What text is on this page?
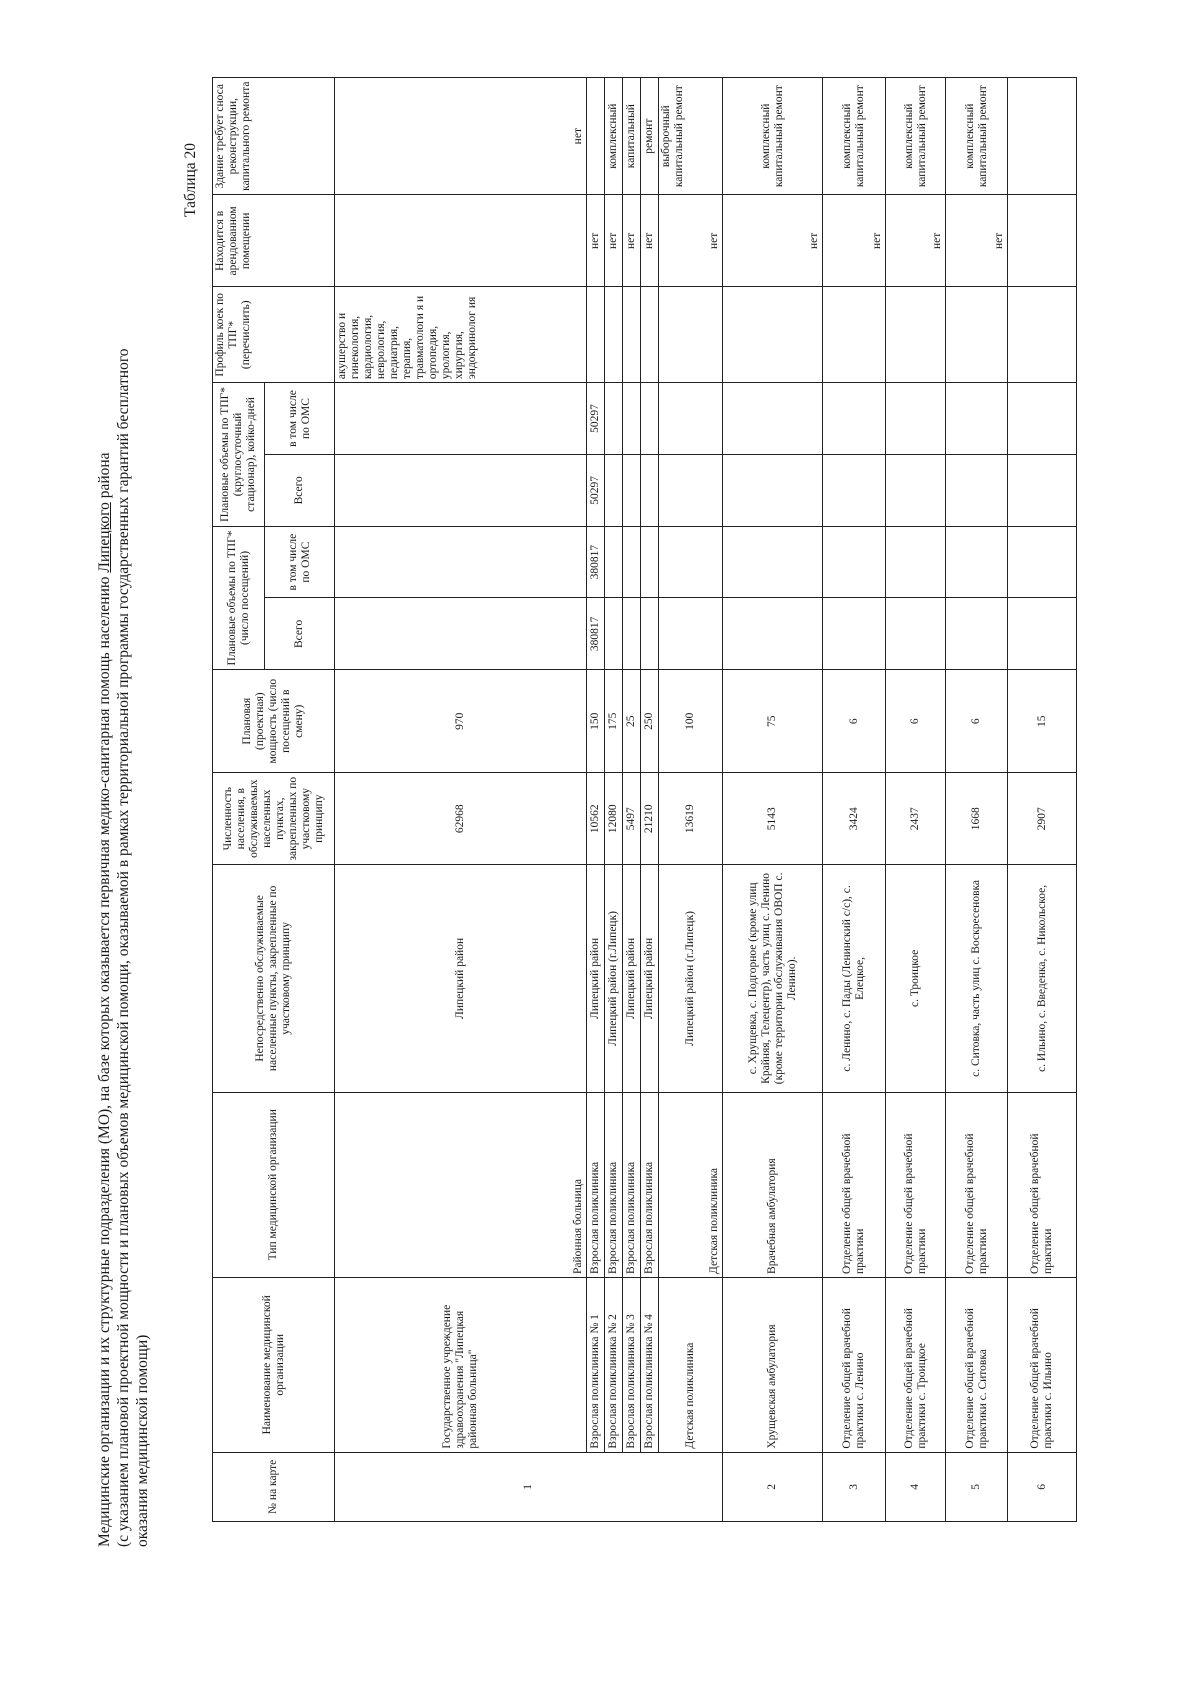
Медицинские организации и их структурные подразделения (МО), на базе которых оказывается первичная медико-санитарная помощь населению Липецкого района (с указанием плановой проектной мощности и плановых объемов медицинской помощи, оказываемой в рамках территориальной программы государственных гарантий бесплатного оказания медицинской помощи)
Таблица 20
№ на карте	Наименование медицинской организации	Тип медицинской организации	Непосредственно обслуживаемые населенные пункты, закрепленные по участковому принципу	Численность населения, в обслуживаемых населенных пунктах, закрепленных по участковому принципу	Плановая (проектная) мощность (число посещений в смену)	Плановые объемы по ТПГ* (число посещений)		Плановые объемы по ТПГ* (круглосуточный стационар), койко-дней		Профиль коек по ТПГ* (перечислить)	Находится в арендованном помещении	Здание требует сноса реконструкции, капитального ремонта
						Всего	в том числе по ОМС	Всего	в том числе по ОМС			
1	Государственное учреждение здравоохранения "Липецкая районная больница"	Районная больница	Липецкий район	62968	970					акушерство и гинекология, кардиология, неврология, педиатрия, терапия, травматологи я и ортопедия, урология, хирургия, эндокринолог ия		нет
	Взрослая поликлиника № 1	Взрослая поликлиника	Липецкий район	10562	150	380817	380817	50297	50297		нет	
	Взрослая поликлиника № 2	Взрослая поликлиника	Липецкий район (г.Липецк)	12080	175						нет	комплексный
	Взрослая поликлиника № 3	Взрослая поликлиника	Липецкий район	5497	25						нет	капитальный
	Взрослая поликлиника № 4	Взрослая поликлиника	Липецкий район	21210	250						нет	ремонт
	Детская поликлиника	Детская поликлиника	Липецкий район (г.Липецк)	13619	100						нет	выборочный капитальный ремонт
2	Хрущевская амбулатория	Врачебная амбулатория	с. Хрущевка, с. Подгорное (кроме улиц Крайняя, Телецентр), часть улиц с. Ленино (кроме территории обслуживания ОВОП с. Ленино).	5143	75						нет	комплексный капитальный ремонт
3	Отделение общей врачебной практики с. Ленино	Отделение общей врачебной практики	с. Ленино, с. Пады (Ленинский с/с), с. Елецкое,	3424	6						нет	комплексный капитальный ремонт
4	Отделение общей врачебной практики с. Троицкое	Отделение общей врачебной практики	с. Троицкое	2437	6						нет	комплексный капитальный ремонт
5	Отделение общей врачебной практики с. Ситовка	Отделение общей врачебной практики	с. Ситовка, часть улиц с. Воскресеновка	1668	6						нет	комплексный капитальный ремонт
6	Отделение общей врачебной практики с. Ильино	Отделение общей врачебной практики	с. Ильино, с. Введенка, с. Никольское,	2907	15							
